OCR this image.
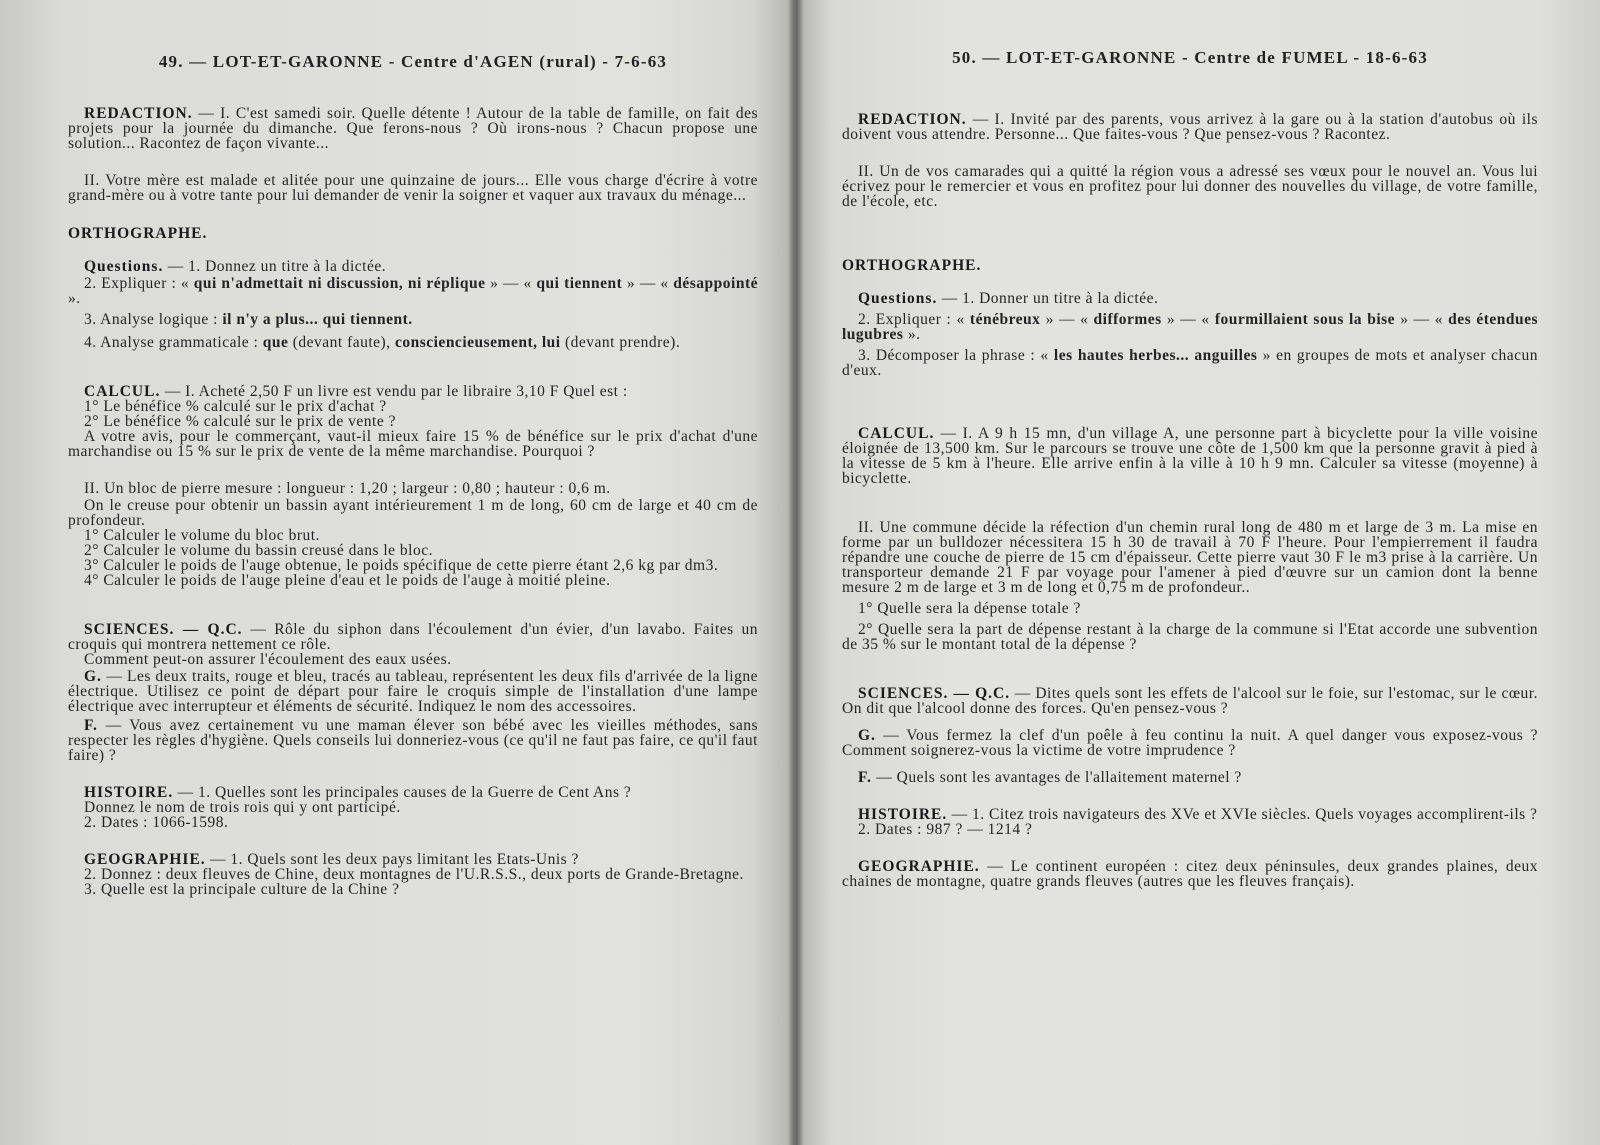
49. — LOT-ET-GARONNE - Centre d'AGEN (rural) - 7-6-63

REDACTION. — I. C'est samedi soir. Quelle détente ! Autour de la table de famille, on fait des projets pour la journée du dimanche. Que ferons-nous ? Où irons-nous ? Chacun propose une solution... Racontez de façon vivante...

II. Votre mère est malade et alitée pour une quinzaine de jours... Elle vous charge d'écrire à votre grand-mère ou à votre tante pour lui demander de venir la soigner et vaquer aux travaux du ménage...

ORTHOGRAPHE.

Questions. — 1. Donnez un titre à la dictée.

2. Expliquer : « qui n'admettait ni discussion, ni réplique » — « qui tiennent » — « désappointé ».

3. Analyse logique : il n'y a plus... qui tiennent.

4. Analyse grammaticale : que (devant faute), consciencieusement, lui (devant prendre).

CALCUL. — I. Acheté 2,50 F un livre est vendu par le libraire 3,10 F Quel est :

1° Le bénéfice % calculé sur le prix d'achat ?

2° Le bénéfice % calculé sur le prix de vente ?

A votre avis, pour le commerçant, vaut-il mieux faire 15 % de bénéfice sur le prix d'achat d'une marchandise ou 15 % sur le prix de vente de la même marchandise. Pourquoi ?

II. Un bloc de pierre mesure : longueur : 1,20 ; largeur : 0,80 ; hauteur : 0,6 m.

On le creuse pour obtenir un bassin ayant intérieurement 1 m de long, 60 cm de large et 40 cm de profondeur.

1° Calculer le volume du bloc brut.

2° Calculer le volume du bassin creusé dans le bloc.

3° Calculer le poids de l'auge obtenue, le poids spécifique de cette pierre étant 2,6 kg par dm3.

4° Calculer le poids de l'auge pleine d'eau et le poids de l'auge à moitié pleine.

SCIENCES. — Q.C. — Rôle du siphon dans l'écoulement d'un évier, d'un lavabo. Faites un croquis qui montrera nettement ce rôle.

Comment peut-on assurer l'écoulement des eaux usées.

G. — Les deux traits, rouge et bleu, tracés au tableau, représentent les deux fils d'arrivée de la ligne électrique. Utilisez ce point de départ pour faire le croquis simple de l'installation d'une lampe électrique avec interrupteur et éléments de sécurité. Indiquez le nom des accessoires.

F. — Vous avez certainement vu une maman élever son bébé avec les vieilles méthodes, sans respecter les règles d'hygiène. Quels conseils lui donneriez-vous (ce qu'il ne faut pas faire, ce qu'il faut faire) ?

HISTOIRE. — 1. Quelles sont les principales causes de la Guerre de Cent Ans ?

Donnez le nom de trois rois qui y ont participé.

2. Dates : 1066-1598.

GEOGRAPHIE. — 1. Quels sont les deux pays limitant les Etats-Unis ?

2. Donnez : deux fleuves de Chine, deux montagnes de l'U.R.S.S., deux ports de Grande-Bretagne.

3. Quelle est la principale culture de la Chine ?

50. — LOT-ET-GARONNE - Centre de FUMEL - 18-6-63

REDACTION. — I. Invité par des parents, vous arrivez à la gare ou à la station d'autobus où ils doivent vous attendre. Personne... Que faites-vous ? Que pensez-vous ? Racontez.

II. Un de vos camarades qui a quitté la région vous a adressé ses vœux pour le nouvel an. Vous lui écrivez pour le remercier et vous en profitez pour lui donner des nouvelles du village, de votre famille, de l'école, etc.

ORTHOGRAPHE.

Questions. — 1. Donner un titre à la dictée.

2. Expliquer : « ténébreux » — « difformes » — « fourmillaient sous la bise » — « des étendues lugubres ».

3. Décomposer la phrase : « les hautes herbes... anguilles » en groupes de mots et analyser chacun d'eux.

CALCUL. — I. A 9 h 15 mn, d'un village A, une personne part à bicyclette pour la ville voisine éloignée de 13,500 km. Sur le parcours se trouve une côte de 1,500 km que la personne gravit à pied à la vitesse de 5 km à l'heure. Elle arrive enfin à la ville à 10 h 9 mn. Calculer sa vitesse (moyenne) à bicyclette.

II. Une commune décide la réfection d'un chemin rural long de 480 m et large de 3 m. La mise en forme par un bulldozer nécessitera 15 h 30 de travail à 70 F l'heure. Pour l'empierrement il faudra répandre une couche de pierre de 15 cm d'épaisseur. Cette pierre vaut 30 F le m3 prise à la carrière. Un transporteur demande 21 F par voyage pour l'amener à pied d'œuvre sur un camion dont la benne mesure 2 m de large et 3 m de long et 0,75 m de profondeur..

1° Quelle sera la dépense totale ?

2° Quelle sera la part de dépense restant à la charge de la commune si l'Etat accorde une subvention de 35 % sur le montant total de la dépense ?

SCIENCES. — Q.C. — Dites quels sont les effets de l'alcool sur le foie, sur l'estomac, sur le cœur. On dit que l'alcool donne des forces. Qu'en pensez-vous ?

G. — Vous fermez la clef d'un poêle à feu continu la nuit. A quel danger vous exposez-vous ? Comment soignerez-vous la victime de votre imprudence ?

F. — Quels sont les avantages de l'allaitement maternel ?

HISTOIRE. — 1. Citez trois navigateurs des XVe et XVIe siècles. Quels voyages accomplirent-ils ?

2. Dates : 987 ? — 1214 ?

GEOGRAPHIE. — Le continent européen : citez deux péninsules, deux grandes plaines, deux chaines de montagne, quatre grands fleuves (autres que les fleuves français).
